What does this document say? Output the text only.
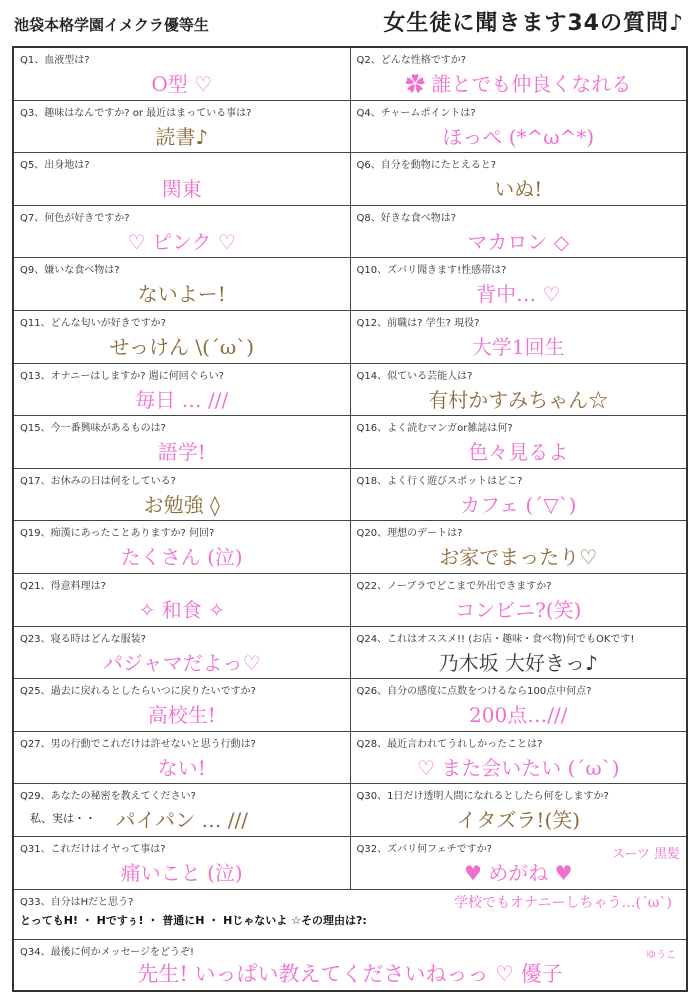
池袋本格学園イメクラ優等生	女生徒に聞きます34の質問♪
Q1、血液型は?
O型 ♡
Q2、どんな性格ですか?
✿ 誰とでも仲良くなれる
Q3、趣味はなんですか? or 最近はまっている事は?
読書♪
Q4、チャームポイントは?
ほっぺ (*^ω^*)
Q5、出身地は?
関東
Q6、自分を動物にたとえると?
いぬ!
Q7、何色が好きですか?
♡ ピンク ♡
Q8、好きな食べ物は?
マカロン ◇
Q9、嫌いな食べ物は?
ないよー!
Q10、ズバリ聞きます!性感帯は?
背中… ♡
Q11、どんな匂いが好きですか?
せっけん \(´ω`)
Q12、前職は? 学生? 現役?
大学1回生
Q13、オナニーはしますか? 週に何回ぐらい?
毎日 … ///
Q14、似ている芸能人は?
有村かすみちゃん☆
Q15、今一番興味があるものは?
語学!
Q16、よく読むマンガor雑誌は何?
色々見るよ
Q17、お休みの日は何をしている?
お勉強 ◊
Q18、よく行く遊びスポットはどこ?
カフェ (´▽`)
Q19、痴漢にあったことありますか? 何回?
たくさん (泣)
Q20、理想のデートは?
お家でまったり♡
Q21、得意料理は?
✧ 和食 ✧
Q22、ノーブラでどこまで外出できますか?
コンビニ?(笑)
Q23、寝る時はどんな服装?
パジャマだよっ♡
Q24、これはオススメ!! (お店・趣味・食べ物)何でもOKです!
乃木坂 大好きっ♪
Q25、過去に戻れるとしたらいつに戻りたいですか?
高校生!
Q26、自分の感度に点数をつけるなら100点中何点?
200点…///
Q27、男の行動でこれだけは許せないと思う行動は?
ない!
Q28、最近言われてうれしかったことは?
♡ また会いたい (´ω`)
Q29、あなたの秘密を教えてください?
私、実は・・ パイパン … ///
Q30、1日だけ透明人間になれるとしたら何をしますか?
イタズラ!(笑)
Q31、これだけはイヤって事は?
痛いこと (泣)
Q32、ズバリ何フェチですか?
♥ めがね ♥
Q33、自分はHだと思う?
とってもH! ・ Hですぅ! ・ 普通にH ・ Hじゃないよ ☆その理由は?:
学校でもオナニーしちゃう…(´ω`)
Q34、最後に何かメッセージをどうぞ!
先生! いっぱい教えてくださいねっっ ♡ 優子
スーツ 黒髪
ゆうこ
